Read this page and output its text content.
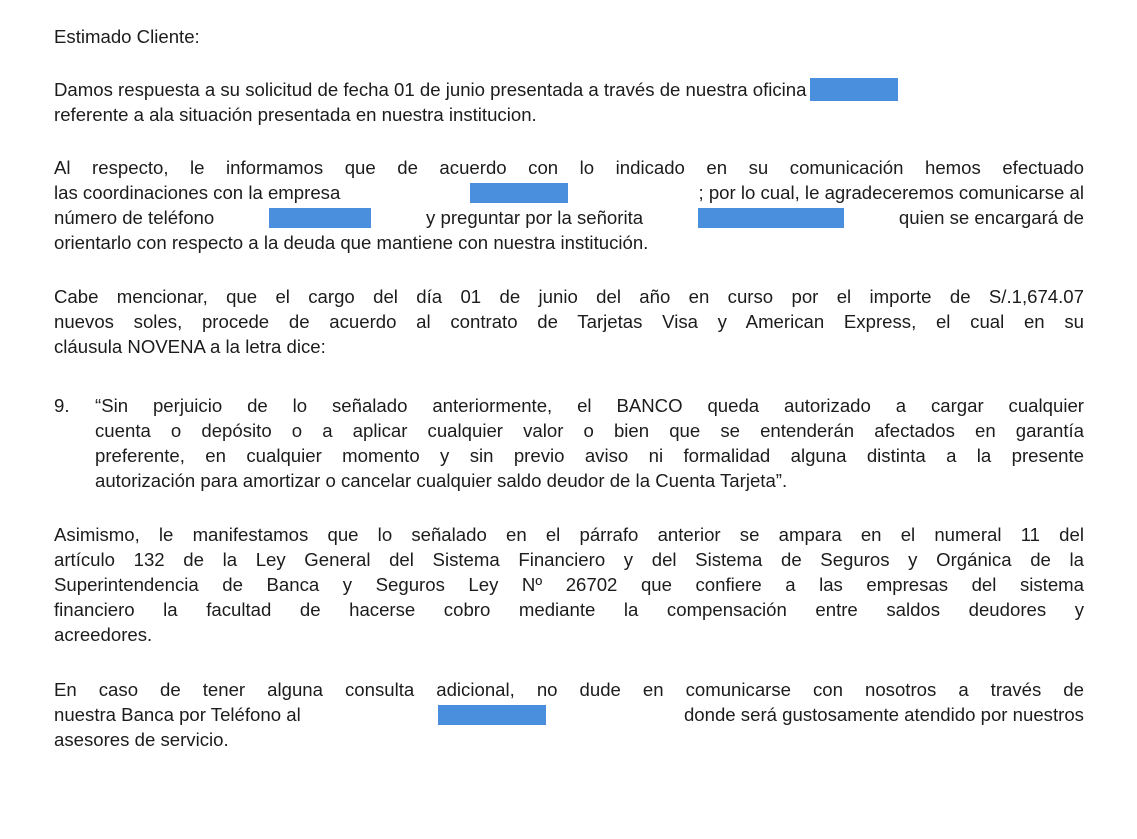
Estimado Cliente:
Damos respuesta a su solicitud de fecha 01 de junio presentada a través de nuestra oficina
referente a ala situación presentada en nuestra institucion.
Al respecto, le informamos que de acuerdo con lo indicado en su comunicación hemos efectuado
las coordinaciones con la empresa	; por lo cual, le agradeceremos comunicarse al
número de teléfono	y preguntar por la señorita	quien se encargará de
orientarlo con respecto a la deuda que mantiene con nuestra institución.
Cabe mencionar, que el cargo del día 01 de junio del año en curso por el importe de S/.1,674.07
nuevos soles, procede de acuerdo al contrato de Tarjetas Visa y American Express, el cual en su
cláusula NOVENA a la letra dice:
9. “Sin perjuicio de lo señalado anteriormente, el BANCO queda autorizado a cargar cualquier
cuenta o depósito o a aplicar cualquier valor o bien que se entenderán afectados en garantía
preferente, en cualquier momento y sin previo aviso ni formalidad alguna distinta a la presente
autorización para amortizar o cancelar cualquier saldo deudor de la Cuenta Tarjeta”.
Asimismo, le manifestamos que lo señalado en el párrafo anterior se ampara en el numeral 11 del
artículo 132 de la Ley General del Sistema Financiero y del Sistema de Seguros y Orgánica de la
Superintendencia de Banca y Seguros Ley Nº 26702 que confiere a las empresas del sistema
financiero la facultad de hacerse cobro mediante la compensación entre saldos deudores y
acreedores.
En caso de tener alguna consulta adicional, no dude en comunicarse con nosotros a través de
nuestra Banca por Teléfono al	donde será gustosamente atendido por nuestros
asesores de servicio.
